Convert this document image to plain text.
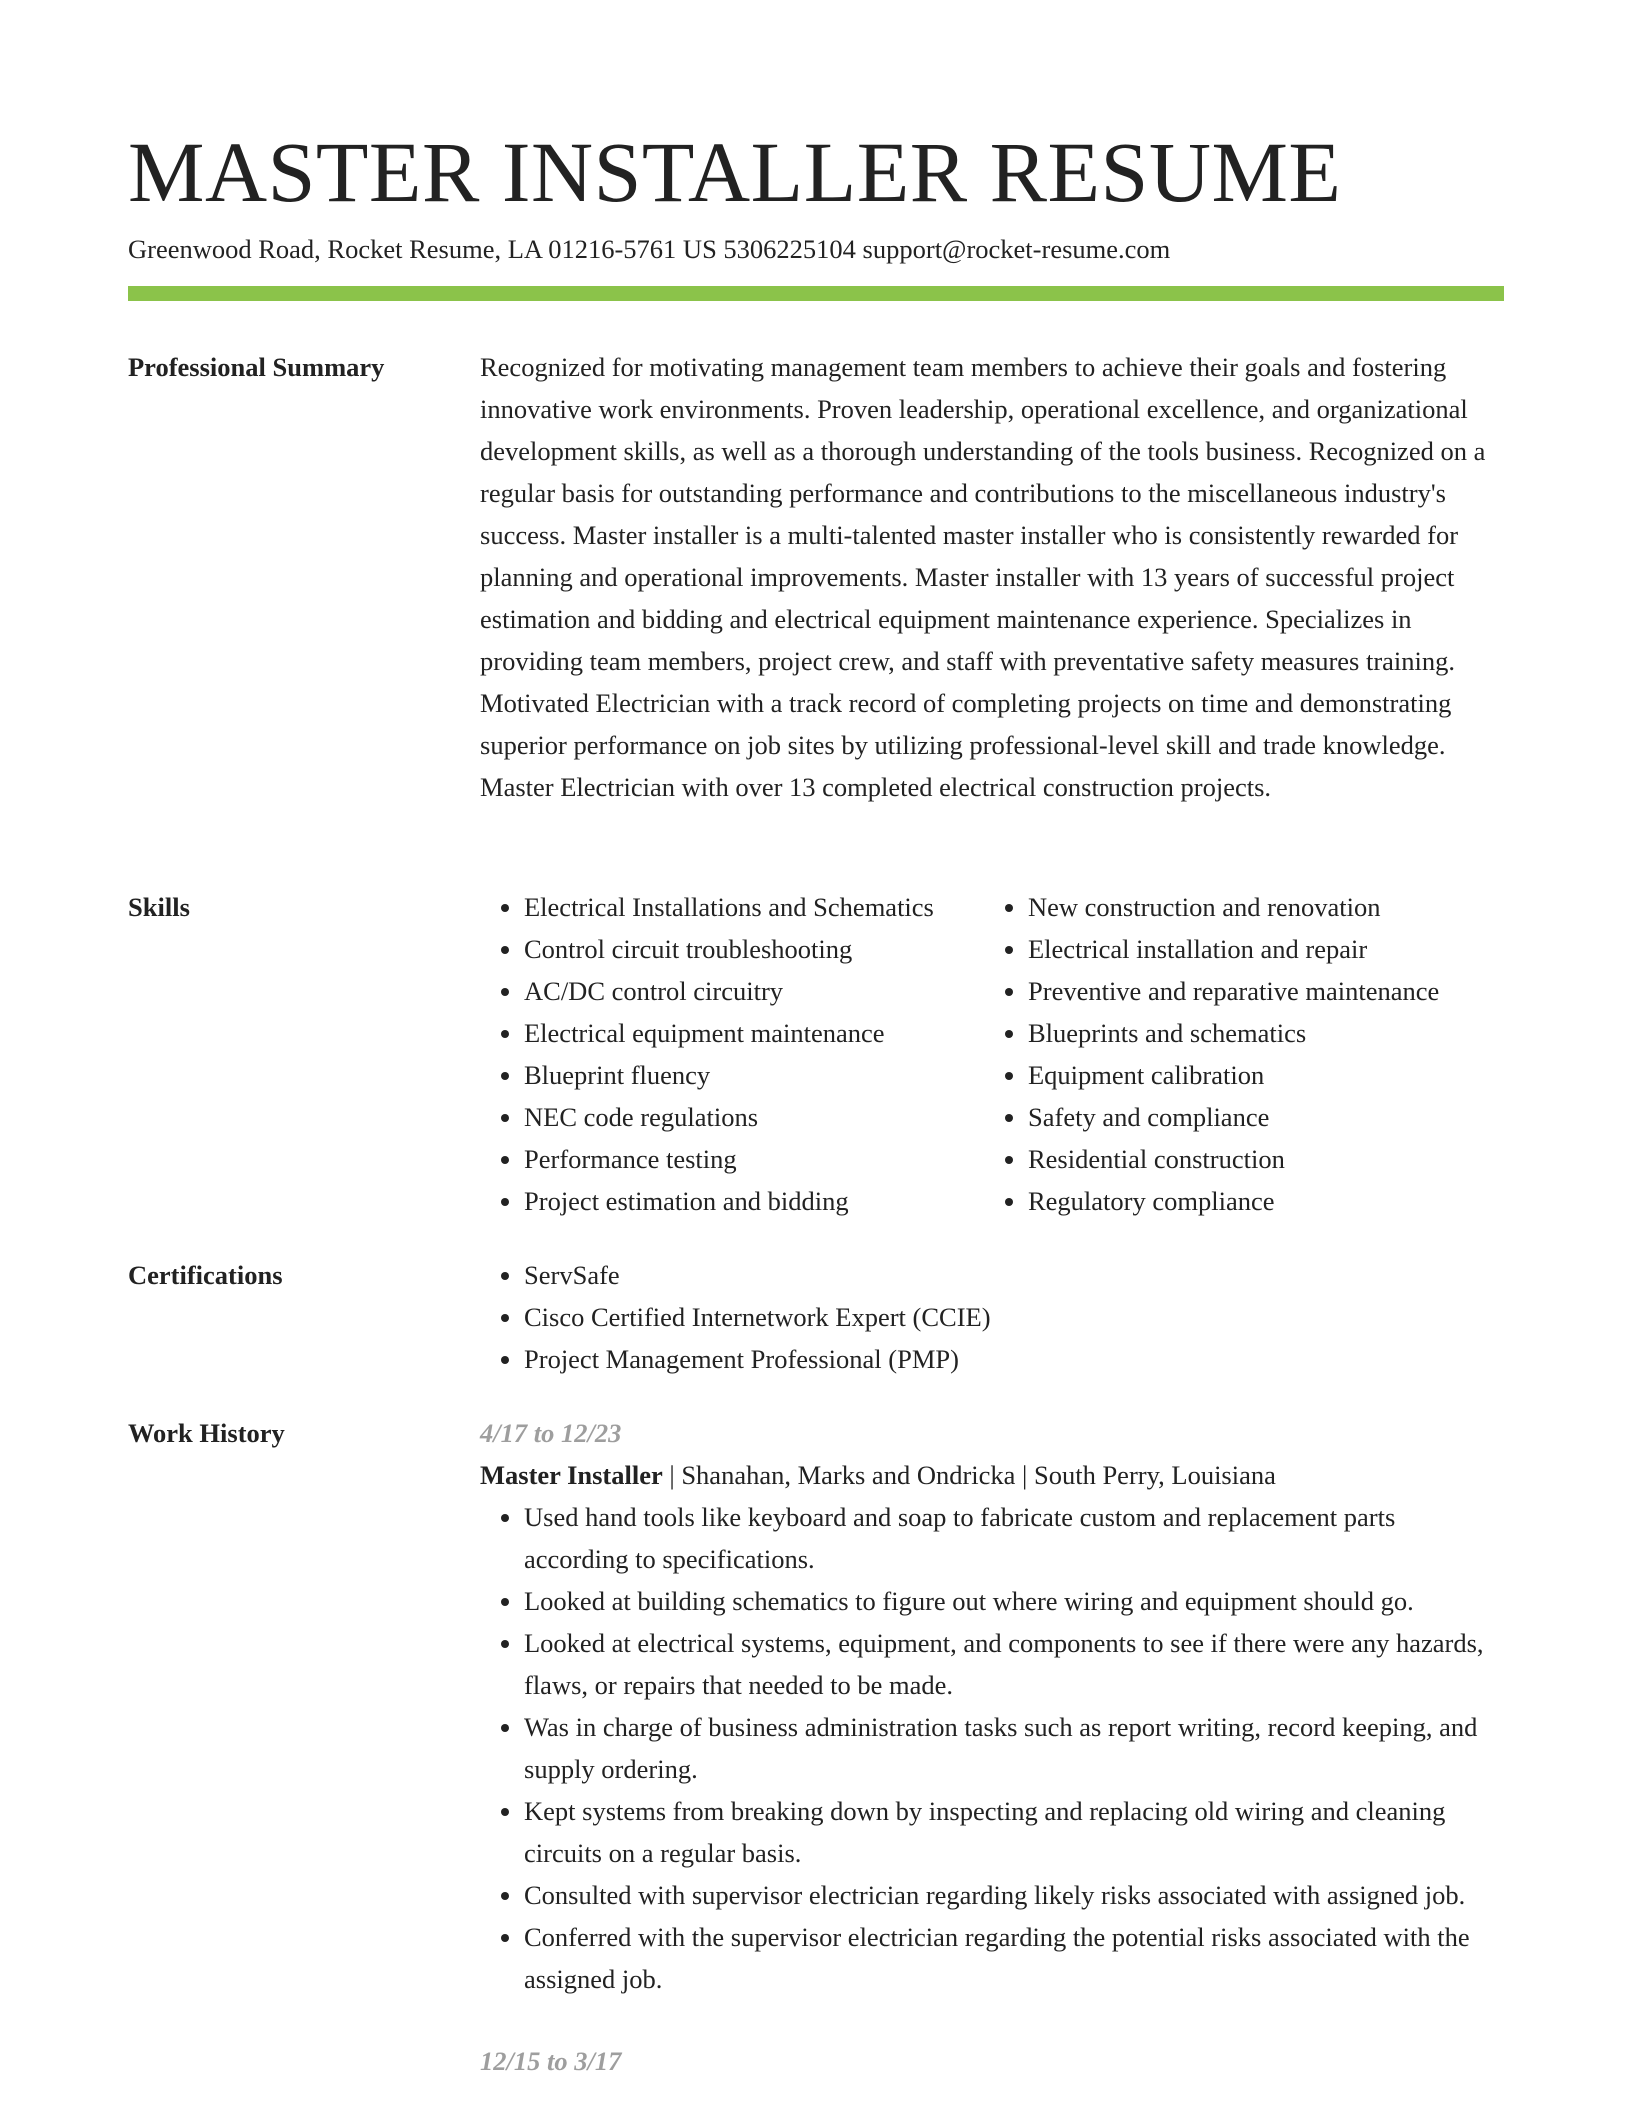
MASTER INSTALLER RESUME
Greenwood Road, Rocket Resume, LA 01216-5761 US 5306225104 support@rocket-resume.com
Professional Summary	Recognized for motivating management team members to achieve their goals and fostering innovative work environments. Proven leadership, operational excellence, and organizational development skills, as well as a thorough understanding of the tools business. Recognized on a regular basis for outstanding performance and contributions to the miscellaneous industry's success. Master installer is a multi-talented master installer who is consistently rewarded for planning and operational improvements. Master installer with 13 years of successful project estimation and bidding and electrical equipment maintenance experience. Specializes in providing team members, project crew, and staff with preventative safety measures training. Motivated Electrician with a track record of completing projects on time and demonstrating superior performance on job sites by utilizing professional-level skill and trade knowledge. Master Electrician with over 13 completed electrical construction projects.

Skills	• Electrical Installations and Schematics
• Control circuit troubleshooting
• AC/DC control circuitry
• Electrical equipment maintenance
• Blueprint fluency
• NEC code regulations
• Performance testing
• Project estimation and bidding
• New construction and renovation
• Electrical installation and repair
• Preventive and reparative maintenance
• Blueprints and schematics
• Equipment calibration
• Safety and compliance
• Residential construction
• Regulatory compliance
Certifications	• ServSafe
• Cisco Certified Internetwork Expert (CCIE)
• Project Management Professional (PMP)
Work History	4/17 to 12/23
Master Installer | Shanahan, Marks and Ondricka | South Perry, Louisiana
• Used hand tools like keyboard and soap to fabricate custom and replacement parts according to specifications.
• Looked at building schematics to figure out where wiring and equipment should go.
• Looked at electrical systems, equipment, and components to see if there were any hazards, flaws, or repairs that needed to be made.
• Was in charge of business administration tasks such as report writing, record keeping, and supply ordering.
• Kept systems from breaking down by inspecting and replacing old wiring and cleaning circuits on a regular basis.
• Consulted with supervisor electrician regarding likely risks associated with assigned job.
• Conferred with the supervisor electrician regarding the potential risks associated with the assigned job.
12/15 to 3/17
